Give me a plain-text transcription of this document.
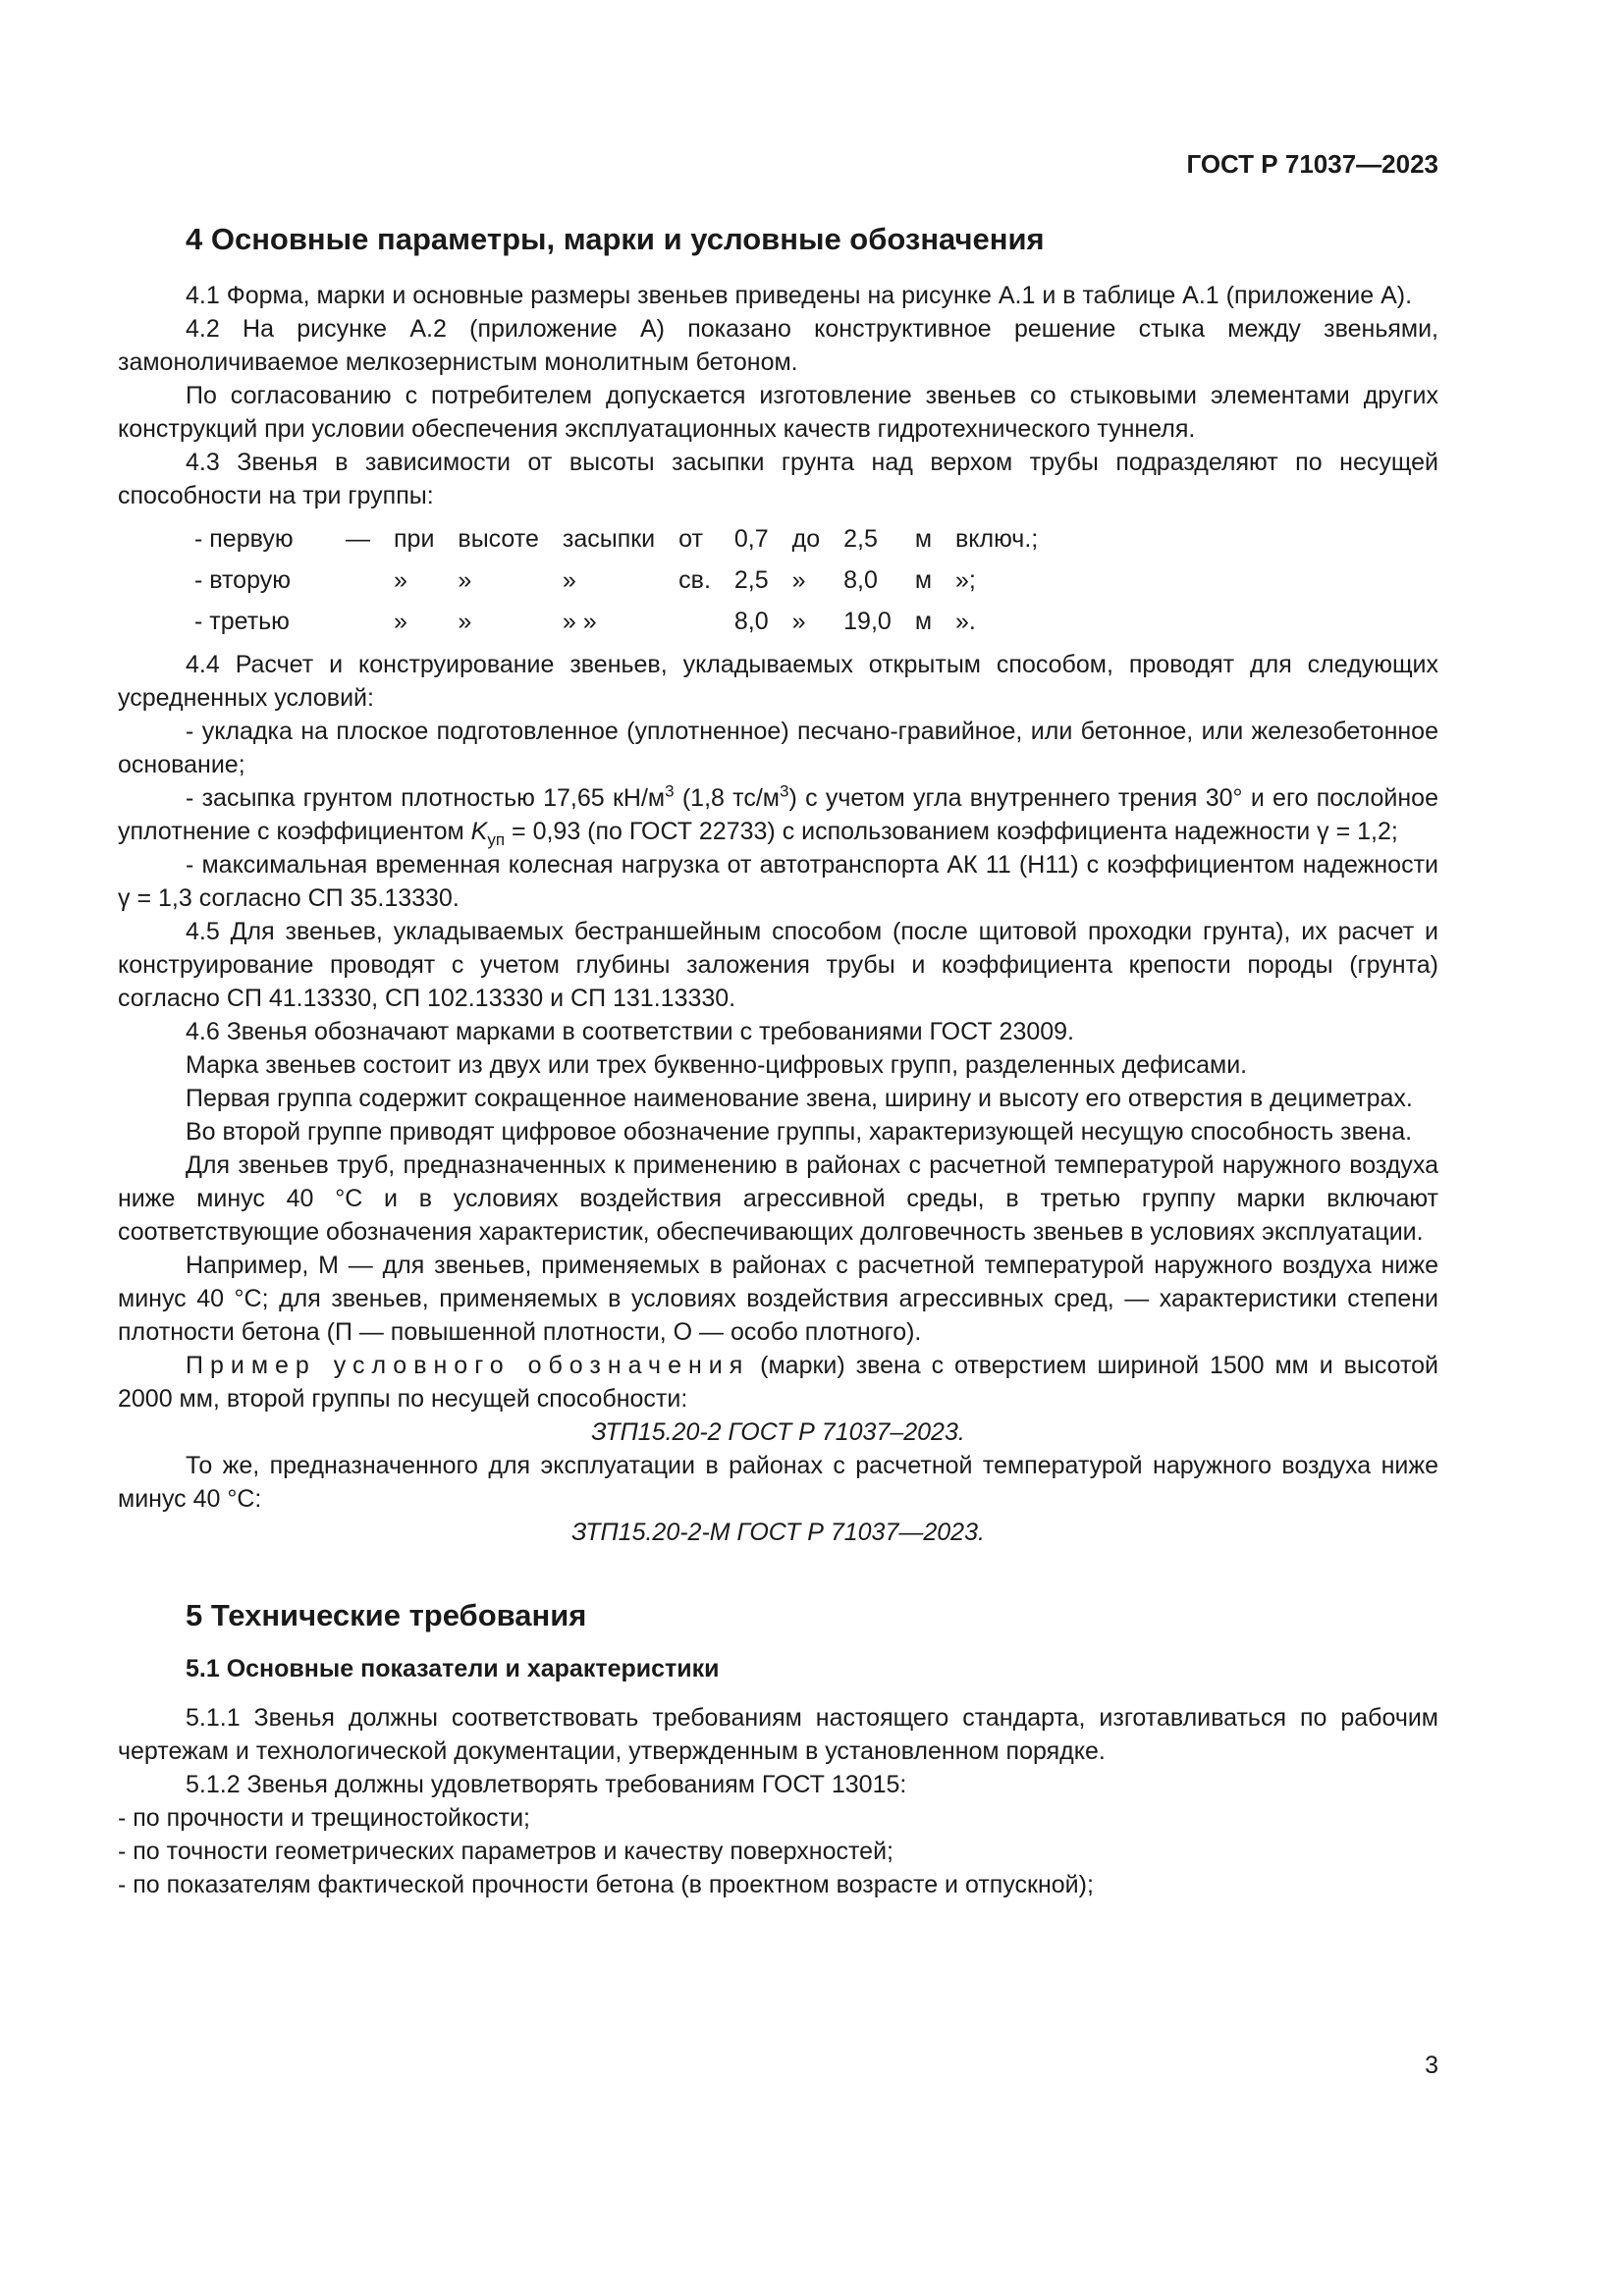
ГОСТ Р 71037—2023
4 Основные параметры, марки и условные обозначения

4.1 Форма, марки и основные размеры звеньев приведены на рисунке А.1 и в таблице А.1 (приложение А).

4.2 На рисунке А.2 (приложение А) показано конструктивное решение стыка между звеньями, замоноличиваемое мелкозернистым монолитным бетоном.

По согласованию с потребителем допускается изготовление звеньев со стыковыми элементами других конструкций при условии обеспечения эксплуатационных качеств гидротехнического туннеля.

4.3 Звенья в зависимости от высоты засыпки грунта над верхом трубы подразделяют по несущей способности на три группы:

- первую	—	при	высоте	засыпки	от	0,7	до	2,5	м	включ.;
- вторую		»	»	»	св.	2,5	»	8,0	м	»;
- третью		»	»	» »		8,0	»	19,0	м	».

4.4 Расчет и конструирование звеньев, укладываемых открытым способом, проводят для следующих усредненных условий:

- укладка на плоское подготовленное (уплотненное) песчано-гравийное, или бетонное, или железобетонное основание;

- засыпка грунтом плотностью 17,65 $кН/м^3$ (1,8 $тс/м^3$) с учетом угла внутреннего трения 30° и его послойное уплотнение с коэффициентом $K_{уп} = 0,93$ (по ГОСТ 22733) с использованием коэффициента надежности γ = 1,2;

- максимальная временная колесная нагрузка от автотранспорта АК 11 (Н11) с коэффициентом надежности γ = 1,3 согласно СП 35.13330.

4.5 Для звеньев, укладываемых бестраншейным способом (после щитовой проходки грунта), их расчет и конструирование проводят с учетом глубины заложения трубы и коэффициента крепости породы (грунта) согласно СП 41.13330, СП 102.13330 и СП 131.13330.

4.6 Звенья обозначают марками в соответствии с требованиями ГОСТ 23009.

Марка звеньев состоит из двух или трех буквенно-цифровых групп, разделенных дефисами.

Первая группа содержит сокращенное наименование звена, ширину и высоту его отверстия в дециметрах.

Во второй группе приводят цифровое обозначение группы, характеризующей несущую способность звена.

Для звеньев труб, предназначенных к применению в районах с расчетной температурой наружного воздуха ниже минус 40 °С и в условиях воздействия агрессивной среды, в третью группу марки включают соответствующие обозначения характеристик, обеспечивающих долговечность звеньев в условиях эксплуатации.

Например, М — для звеньев, применяемых в районах с расчетной температурой наружного воздуха ниже минус 40 °С; для звеньев, применяемых в условиях воздействия агрессивных сред, — характеристики степени плотности бетона (П — повышенной плотности, О — особо плотного).

Пример условного обозначения (марки) звена с отверстием шириной 1500 мм и высотой 2000 мм, второй группы по несущей способности:

ЗТП15.20-2 ГОСТ Р 71037–2023.

То же, предназначенного для эксплуатации в районах с расчетной температурой наружного воздуха ниже минус 40 °С:

ЗТП15.20-2-М ГОСТ Р 71037—2023.

5 Технические требования
5.1 Основные показатели и характеристики

5.1.1 Звенья должны соответствовать требованиям настоящего стандарта, изготавливаться по рабочим чертежам и технологической документации, утвержденным в установленном порядке.

5.1.2 Звенья должны удовлетворять требованиям ГОСТ 13015:

- по прочности и трещиностойкости;

- по точности геометрических параметров и качеству поверхностей;

- по показателям фактической прочности бетона (в проектном возрасте и отпускной);

3
